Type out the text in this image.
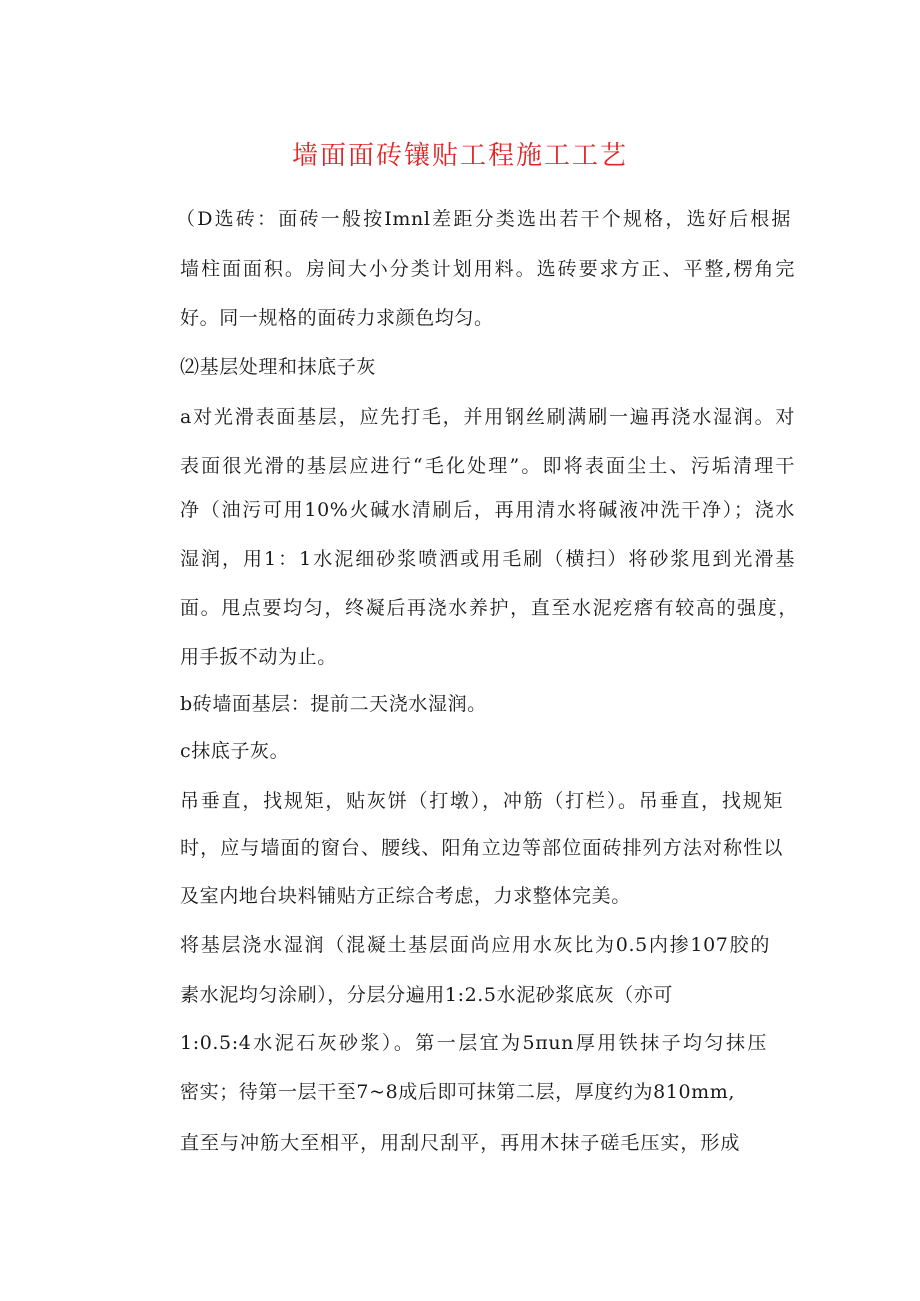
墙面面砖镶贴工程施工工艺
（D选砖：面砖一般按Imnl差距分类选出若干个规格，选好后根据
墙柱面面积。房间大小分类计划用料。选砖要求方正、平整,楞角完
好。同一规格的面砖力求颜色均匀。
⑵基层处理和抹底子灰
a对光滑表面基层，应先打毛，并用钢丝刷满刷一遍再浇水湿润。对
表面很光滑的基层应进行“毛化处理”。即将表面尘土、污垢清理干
净（油污可用10%火碱水清刷后，再用清水将碱液冲洗干净）；浇水
湿润，用1：1水泥细砂浆喷洒或用毛刷（横扫）将砂浆甩到光滑基
面。甩点要均匀，终凝后再浇水养护，直至水泥疙瘩有较高的强度，
用手扳不动为止。
b砖墙面基层：提前二天浇水湿润。
c抹底子灰。
吊垂直，找规矩，贴灰饼（打墩），冲筋（打栏）。吊垂直，找规矩
时，应与墙面的窗台、腰线、阳角立边等部位面砖排列方法对称性以
及室内地台块料铺贴方正综合考虑，力求整体完美。
将基层浇水湿润（混凝土基层面尚应用水灰比为0.5内掺107胶的
素水泥均匀涂刷），分层分遍用1:2.5水泥砂浆底灰（亦可
1:0.5:4水泥石灰砂浆）。第一层宜为5πun厚用铁抹子均匀抹压
密实；待第一层干至7~8成后即可抹第二层，厚度约为810mm,
直至与冲筋大至相平，用刮尺刮平，再用木抹子磋毛压实，形成
